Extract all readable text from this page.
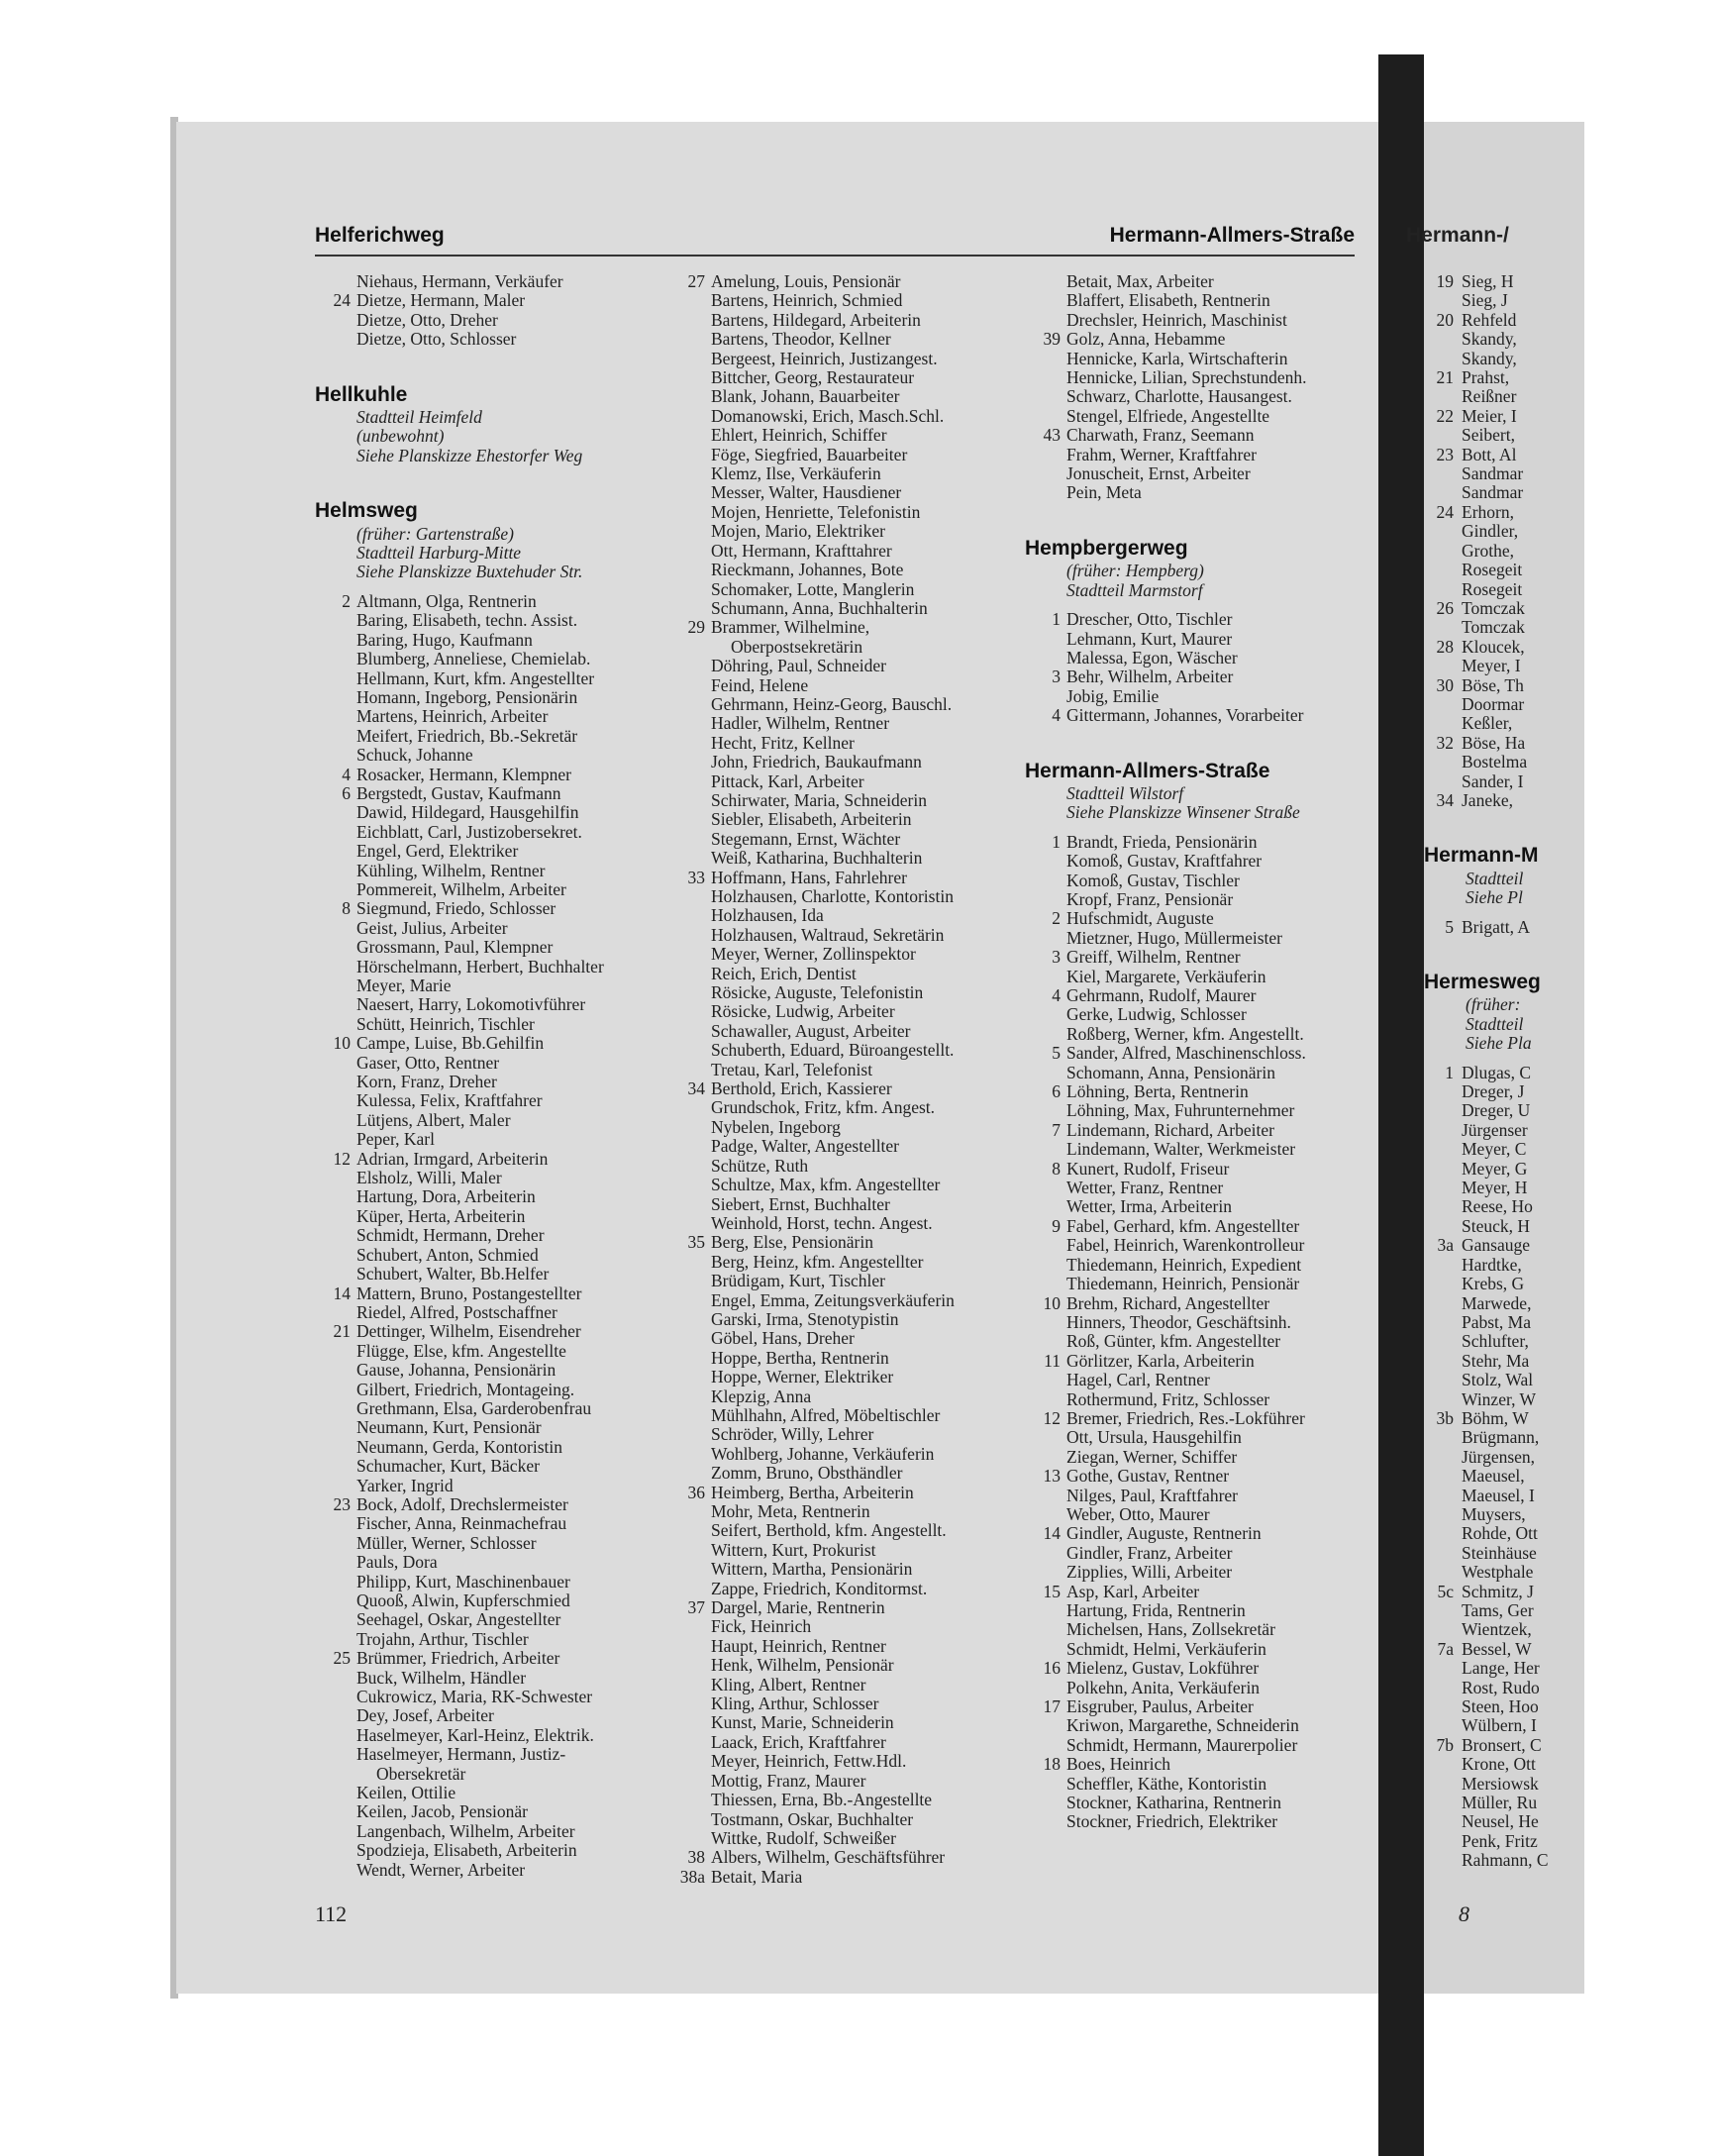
Helferichweg	Hermann-Allmers-Straße
Niehaus, Hermann, Verkäufer
24 Dietze, Hermann, Maler
Dietze, Otto, Dreher
Dietze, Otto, Schlosser
Hellkuhle
Stadtteil Heimfeld
(unbewohnt)
Siehe Planskizze Ehestorfer Weg
Helmsweg
(früher: Gartenstraße)
Stadtteil Harburg-Mitte
Siehe Planskizze Buxtehuder Str.
2 Altmann, Olga, Rentnerin
Baring, Elisabeth, techn. Assist.
Baring, Hugo, Kaufmann
Blumberg, Anneliese, Chemielab.
Hellmann, Kurt, kfm. Angestellter
Homann, Ingeborg, Pensionärin
Martens, Heinrich, Arbeiter
Meifert, Friedrich, Bb.-Sekretär
Schuck, Johanne
4 Rosacker, Hermann, Klempner
6 Bergstedt, Gustav, Kaufmann
Dawid, Hildegard, Hausgehilfin
Eichblatt, Carl, Justizobersekret.
Engel, Gerd, Elektriker
Kühling, Wilhelm, Rentner
Pommereit, Wilhelm, Arbeiter
8 Siegmund, Friedo, Schlosser
Geist, Julius, Arbeiter
Grossmann, Paul, Klempner
Hörschelmann, Herbert, Buchhalter
Meyer, Marie
Naesert, Harry, Lokomotivführer
Schütt, Heinrich, Tischler
10 Campe, Luise, Bb.Gehilfin
Gaser, Otto, Rentner
Korn, Franz, Dreher
Kulessa, Felix, Kraftfahrer
Lütjens, Albert, Maler
Peper, Karl
12 Adrian, Irmgard, Arbeiterin
Elsholz, Willi, Maler
Hartung, Dora, Arbeiterin
Küper, Herta, Arbeiterin
Schmidt, Hermann, Dreher
Schubert, Anton, Schmied
Schubert, Walter, Bb.Helfer
14 Mattern, Bruno, Postangestellter
Riedel, Alfred, Postschaffner
21 Dettinger, Wilhelm, Eisendreher
Flügge, Else, kfm. Angestellte
Gause, Johanna, Pensionärin
Gilbert, Friedrich, Montageing.
Grethmann, Elsa, Garderobenfrau
Neumann, Kurt, Pensionär
Neumann, Gerda, Kontoristin
Schumacher, Kurt, Bäcker
Yarker, Ingrid
23 Bock, Adolf, Drechslermeister
Fischer, Anna, Reinmachefrau
Müller, Werner, Schlosser
Pauls, Dora
Philipp, Kurt, Maschinenbauer
Quooß, Alwin, Kupferschmied
Seehagel, Oskar, Angestellter
Trojahn, Arthur, Tischler
25 Brümmer, Friedrich, Arbeiter
Buck, Wilhelm, Händler
Cukrowicz, Maria, RK-Schwester
Dey, Josef, Arbeiter
Haselmeyer, Karl-Heinz, Elektrik.
Haselmeyer, Hermann, Justiz-
Obersekretär
Keilen, Ottilie
Keilen, Jacob, Pensionär
Langenbach, Wilhelm, Arbeiter
Spodzieja, Elisabeth, Arbeiterin
Wendt, Werner, Arbeiter
27 Amelung, Louis, Pensionär
Bartens, Heinrich, Schmied
Bartens, Hildegard, Arbeiterin
Bartens, Theodor, Kellner
Bergeest, Heinrich, Justizangest.
Bittcher, Georg, Restaurateur
Blank, Johann, Bauarbeiter
Domanowski, Erich, Masch.Schl.
Ehlert, Heinrich, Schiffer
Föge, Siegfried, Bauarbeiter
Klemz, Ilse, Verkäuferin
Messer, Walter, Hausdiener
Mojen, Henriette, Telefonistin
Mojen, Mario, Elektriker
Ott, Hermann, Krafttahrer
Rieckmann, Johannes, Bote
Schomaker, Lotte, Manglerin
Schumann, Anna, Buchhalterin
29 Brammer, Wilhelmine,
Oberpostsekretärin
Döhring, Paul, Schneider
Feind, Helene
Gehrmann, Heinz-Georg, Bauschl.
Hadler, Wilhelm, Rentner
Hecht, Fritz, Kellner
John, Friedrich, Baukaufmann
Pittack, Karl, Arbeiter
Schirwater, Maria, Schneiderin
Siebler, Elisabeth, Arbeiterin
Stegemann, Ernst, Wächter
Weiß, Katharina, Buchhalterin
33 Hoffmann, Hans, Fahrlehrer
Holzhausen, Charlotte, Kontoristin
Holzhausen, Ida
Holzhausen, Waltraud, Sekretärin
Meyer, Werner, Zollinspektor
Reich, Erich, Dentist
Rösicke, Auguste, Telefonistin
Rösicke, Ludwig, Arbeiter
Schawaller, August, Arbeiter
Schuberth, Eduard, Büroangestellt.
Tretau, Karl, Telefonist
34 Berthold, Erich, Kassierer
Grundschok, Fritz, kfm. Angest.
Nybelen, Ingeborg
Padge, Walter, Angestellter
Schütze, Ruth
Schultze, Max, kfm. Angestellter
Siebert, Ernst, Buchhalter
Weinhold, Horst, techn. Angest.
35 Berg, Else, Pensionärin
Berg, Heinz, kfm. Angestellter
Brüdigam, Kurt, Tischler
Engel, Emma, Zeitungsverkäuferin
Garski, Irma, Stenotypistin
Göbel, Hans, Dreher
Hoppe, Bertha, Rentnerin
Hoppe, Werner, Elektriker
Klepzig, Anna
Mühlhahn, Alfred, Möbeltischler
Schröder, Willy, Lehrer
Wohlberg, Johanne, Verkäuferin
Zomm, Bruno, Obsthändler
36 Heimberg, Bertha, Arbeiterin
Mohr, Meta, Rentnerin
Seifert, Berthold, kfm. Angestellt.
Wittern, Kurt, Prokurist
Wittern, Martha, Pensionärin
Zappe, Friedrich, Konditormst.
37 Dargel, Marie, Rentnerin
Fick, Heinrich
Haupt, Heinrich, Rentner
Henk, Wilhelm, Pensionär
Kling, Albert, Rentner
Kling, Arthur, Schlosser
Kunst, Marie, Schneiderin
Laack, Erich, Kraftfahrer
Meyer, Heinrich, Fettw.Hdl.
Mottig, Franz, Maurer
Thiessen, Erna, Bb.-Angestellte
Tostmann, Oskar, Buchhalter
Wittke, Rudolf, Schweißer
38 Albers, Wilhelm, Geschäftsführer
38a Betait, Maria
Betait, Max, Arbeiter
Blaffert, Elisabeth, Rentnerin
Drechsler, Heinrich, Maschinist
39 Golz, Anna, Hebamme
Hennicke, Karla, Wirtschafterin
Hennicke, Lilian, Sprechstundenh.
Schwarz, Charlotte, Hausangest.
Stengel, Elfriede, Angestellte
43 Charwath, Franz, Seemann
Frahm, Werner, Kraftfahrer
Jonuscheit, Ernst, Arbeiter
Pein, Meta
Hempbergerweg
(früher: Hempberg)
Stadtteil Marmstorf
1 Drescher, Otto, Tischler
Lehmann, Kurt, Maurer
Malessa, Egon, Wäscher
3 Behr, Wilhelm, Arbeiter
Jobig, Emilie
4 Gittermann, Johannes, Vorarbeiter
Hermann-Allmers-Straße
Stadtteil Wilstorf
Siehe Planskizze Winsener Straße
1 Brandt, Frieda, Pensionärin
Komoß, Gustav, Kraftfahrer
Komoß, Gustav, Tischler
Kropf, Franz, Pensionär
2 Hufschmidt, Auguste
Mietzner, Hugo, Müllermeister
3 Greiff, Wilhelm, Rentner
Kiel, Margarete, Verkäuferin
4 Gehrmann, Rudolf, Maurer
Gerke, Ludwig, Schlosser
Roßberg, Werner, kfm. Angestellt.
5 Sander, Alfred, Maschinenschloss.
Schomann, Anna, Pensionärin
6 Löhning, Berta, Rentnerin
Löhning, Max, Fuhrunternehmer
7 Lindemann, Richard, Arbeiter
Lindemann, Walter, Werkmeister
8 Kunert, Rudolf, Friseur
Wetter, Franz, Rentner
Wetter, Irma, Arbeiterin
9 Fabel, Gerhard, kfm. Angestellter
Fabel, Heinrich, Warenkontrolleur
Thiedemann, Heinrich, Expedient
Thiedemann, Heinrich, Pensionär
10 Brehm, Richard, Angestellter
Hinners, Theodor, Geschäftsinh.
Roß, Günter, kfm. Angestellter
11 Görlitzer, Karla, Arbeiterin
Hagel, Carl, Rentner
Rothermund, Fritz, Schlosser
12 Bremer, Friedrich, Res.-Lokführer
Ott, Ursula, Hausgehilfin
Ziegan, Werner, Schiffer
13 Gothe, Gustav, Rentner
Nilges, Paul, Kraftfahrer
Weber, Otto, Maurer
14 Gindler, Auguste, Rentnerin
Gindler, Franz, Arbeiter
Zipplies, Willi, Arbeiter
15 Asp, Karl, Arbeiter
Hartung, Frida, Rentnerin
Michelsen, Hans, Zollsekretär
Schmidt, Helmi, Verkäuferin
16 Mielenz, Gustav, Lokführer
Polkehn, Anita, Verkäuferin
17 Eisgruber, Paulus, Arbeiter
Kriwon, Margarethe, Schneiderin
Schmidt, Hermann, Maurerpolier
18 Boes, Heinrich
Scheffler, Käthe, Kontoristin
Stockner, Katharina, Rentnerin
Stockner, Friedrich, Elektriker
112
Hermann-/
19 Sieg, H
Sieg, J
20 Rehfeld
Skandy,
Skandy,
21 Prahst,
Reißner
22 Meier, I
Seibert,
23 Bott, Al
Sandmar
Sandmar
24 Erhorn,
Gindler,
Grothe,
Rosegeit
Rosegeit
26 Tomczak
Tomczak
28 Kloucek,
Meyer, I
30 Böse, Th
Doormar
Keßler,
32 Böse, Ha
Bostelma
Sander, I
34 Janeke,
Hermann-M
Stadtteil
Siehe Pl
5 Brigatt, A
Hermesweg
(früher:
Stadtteil
Siehe Pla
1 Dlugas, C
Dreger, J
Dreger, U
Jürgenser
Meyer, C
Meyer, G
Meyer, H
Reese, Ho
Steuck, H
3a Gansauge
Hardtke,
Krebs, G
Marwede,
Pabst, Ma
Schlufter,
Stehr, Ma
Stolz, Wal
Winzer, W
3b Böhm, W
Brügmann,
Jürgensen,
Maeusel,
Maeusel, I
Muysers,
Rohde, Ott
Steinhäuse
Westphale
5c Schmitz, J
Tams, Ger
Wientzek,
7a Bessel, W
Lange, Her
Rost, Rudo
Steen, Hoo
Wülbern, I
7b Bronsert, C
Krone, Ott
Mersiowsk
Müller, Ru
Neusel, He
Penk, Fritz
Rahmann, C
8
